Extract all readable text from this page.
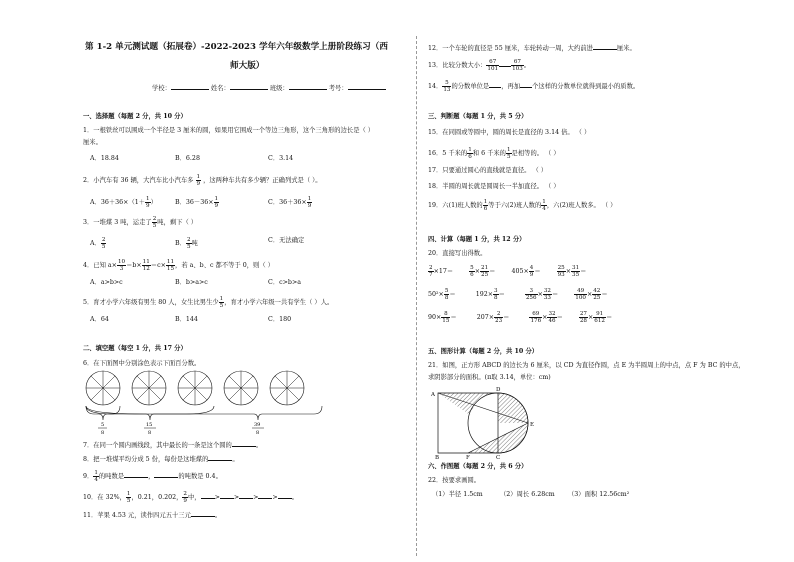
第 1-2 单元测试题（拓展卷）-2022-2023 学年六年级数学上册阶段练习（西
师大版）
学校：	姓名：	班级：	考号：
一、选择题（每题 2 分，共 10 分）
1．一根铁丝可以围成一个半径是 3 厘米的圆，如果用它围成一个等边三角形，这个三角形的边长是（ ）
厘米。
A．18.84	B．6.28	C．3.14
2．小汽车有 36 辆，大汽车比小汽车多 $\frac{1}{9}$ ，这两种车共有多少辆？正确列式是（ ）。
A．$36+36\times(1+ \frac{1}{9}$ ）	B．$36-36\times \frac{1}{9}$	C．$36+36\times \frac{1}{9}$
3．一堆煤 3 吨，运走了 $\frac{2}{5}$ 吨，剩下（ ）
A． $\frac{2}{5}$	B． $\frac{2}{5}$ 吨	C．无法确定
4．已知 $a\times \frac{10}{3} =b\times \frac{11}{12} =c\times \frac{11}{15}$ ，若 a、b、c 都不等于 0，则（ ）
A．a>b>c	B．b>a>c	C．c>b>a
5．育才小学六年级有男生 80 人，女生比男生少 $\frac{1}{5}$ ，育才小学六年级一共有学生（ ）人。
A．64	B．144	C．180
二、填空题（每空 1 分，共 17 分）
6．在下面图中分别涂色表示下面百分数。
5
8
15
8
39
8
7．在同一个圆内画线段，其中最长的一条是这个圆的	。
8．把一堆煤平均分成 5 份，每份是这堆煤的	。
9． $\frac{1}{4}$ 的吨数是	，	的吨数是 0.4。
10．在 32%， $\frac{1}{5}$ ，0.21，0.202， $\frac{2}{9}$ 中， > > > > 。
11．苹果 4.53 元，读作四元五十三元	。
12．一个车轮的直径是 55 厘米，车轮转动一周，大约前进	厘米。
13．比较分数大小： $\frac{67}{101} \frac{67}{103}$ 。
14． $\frac{5}{13}$ 的分数单位是 ，再加 个这样的分数单位就得到最小的质数。
三、判断题（每题 1 分，共 5 分）
15．在同圆或等圆中，圆的周长是直径的 3.14 倍。 （ ）
16．5 千米的 $\frac{1}{6}$ 和 6 千米的 $\frac{1}{5}$ 是相等的。 （ ）
17．只要通过圆心的直线就是直径。 （ ）
18．半圆的周长就是圆周长一半加直径。 （ ）
19．六(1)班人数的 $\frac{1}{6}$ 等于六(2)班人数的 $\frac{1}{4}$ ，六(2)班人数多。 （ ）
四、计算（每题 1 分，共 12 分）
20．直接写出得数。
$\frac{2}{7} \times 17=$	$\frac{5}{6} \times \frac{21}{25}$ ＝	$405\times \frac{4}{9}$ ＝	$\frac{25}{93} \times \frac{31}{35}$ ＝
$50^2\times \frac{5}{8}$ ＝	$192\times \frac{3}{8}$ ＝	$\frac{3}{256} \times \frac{32}{33}$ ＝	$\frac{49}{100} \times \frac{42}{25}$ ＝
$90\times \frac{8}{15}$ ＝	$207\times \frac{2}{23}$ ＝	$\frac{69}{176} \times \frac{32}{46}$ ＝	$\frac{27}{28} \times \frac{91}{612}$ ＝
五、图形计算（每题 2 分，共 10 分）
21．如图，正方形 ABCD 的边长为 6 厘米，以 CD 为直径作圆，点 E 为半圆周上的中点，点 F 为 BC 的中点，
求阴影部分的面积。(π取 3.14，单位：cm)
A
D
E
B	F	C
六、作图题（每题 2 分，共 6 分）
22．按要求画圆。
（1）半径 1.5cm	（2）周长 6.28cm （3）面积 12.56cm²
